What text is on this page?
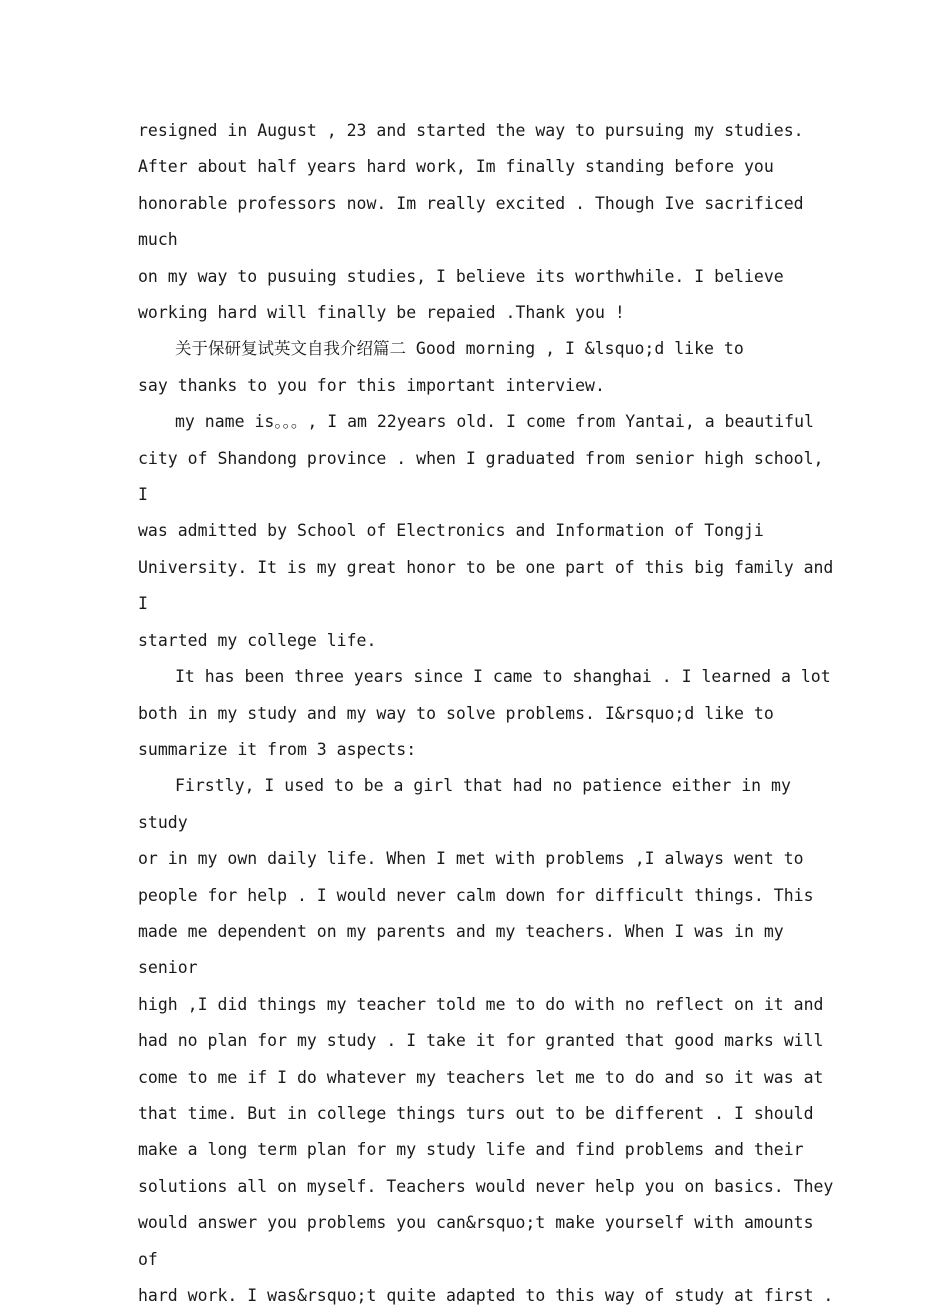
resigned in August , 23 and started the way to pursuing my studies.
After about half years hard work, Im finally standing before you
honorable professors now. Im really excited . Though Ive sacrificed much
on my way to pusuing studies, I believe its worthwhile. I believe
working hard will finally be repaied .Thank you !

关于保研复试英文自我介绍篇二 Good morning , I &lsquo;d like to
say thanks to you for this important interview.

my name is。。。, I am 22years old. I come from Yantai, a beautiful
city of Shandong province . when I graduated from senior high school, I
was admitted by School of Electronics and Information of Tongji
University. It is my great honor to be one part of this big family and I
started my college life.

It has been three years since I came to shanghai . I learned a lot
both in my study and my way to solve problems. I&rsquo;d like to
summarize it from 3 aspects:

Firstly, I used to be a girl that had no patience either in my study
or in my own daily life. When I met with problems ,I always went to
people for help . I would never calm down for difficult things. This
made me dependent on my parents and my teachers. When I was in my senior
high ,I did things my teacher told me to do with no reflect on it and
had no plan for my study . I take it for granted that good marks will
come to me if I do whatever my teachers let me to do and so it was at
that time. But in college things turs out to be different . I should
make a long term plan for my study life and find problems and their
solutions all on myself. Teachers would never help you on basics. They
would answer you problems you can&rsquo;t make yourself with amounts of
hard work. I was&rsquo;t quite adapted to this way of study at first .
